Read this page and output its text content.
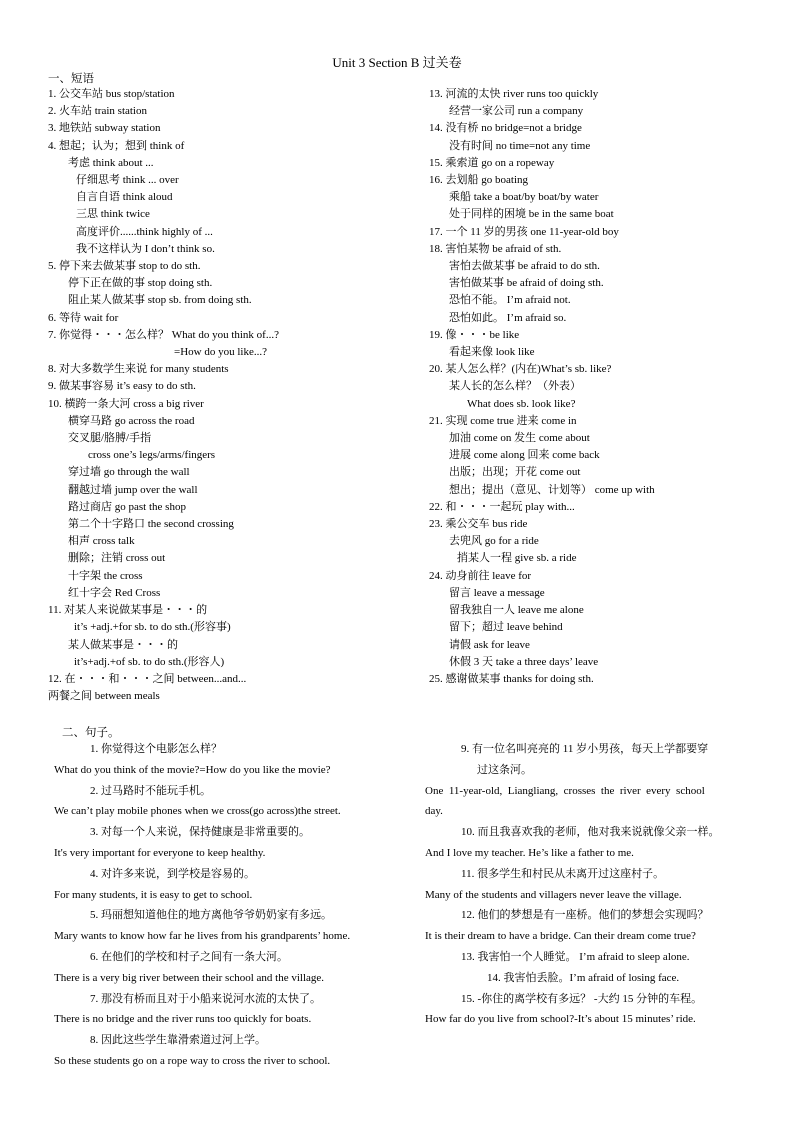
Unit 3 Section B 过关卷
一、短语
1. 公交车站 bus stop/station
2. 火车站 train station
3. 地铁站 subway station
4. 想起；认为；想到 think of
考虑 think about ...
仔细思考 think ... over
自言自语 think aloud
三思 think twice
高度评价......think highly of ...
我不这样认为 I don’t think so.
5. 停下来去做某事 stop to do sth.
停下正在做的事 stop doing sth.
阻止某人做某事 stop sb. from doing sth.
6. 等待 wait for
7. 你觉得・・・怎么样？ What do you think of...?
=How do you like...?
8. 对大多数学生来说 for many students
9. 做某事容易 it’s easy to do sth.
10. 横跨一条大河 cross a big river
横穿马路 go across the road
交叉腿/胳膊/手指
cross one’s legs/arms/fingers
穿过墙 go through the wall
翻越过墙 jump over the wall
路过商店 go past the shop
第二个十字路口 the second crossing
相声 cross talk
删除；注销 cross out
十字架 the cross
红十字会 Red Cross
11. 对某人来说做某事是・・・的
it’s +adj.+for sb. to do sth.(形容事)
某人做某事是・・・的
it’s+adj.+of sb. to do sth.(形容人)
12. 在・・・和・・・之间 between...and...
两餐之间 between meals
13. 河流的太快 river runs too quickly
经营一家公司 run a company
14. 没有桥 no bridge=not a bridge
没有时间 no time=not any time
15. 乘索道 go on a ropeway
16. 去划船 go boating
乘船 take a boat/by boat/by water
处于同样的困境 be in the same boat
17. 一个 11 岁的男孩 one 11-year-old boy
18. 害怕某物 be afraid of sth.
害怕去做某事 be afraid to do sth.
害怕做某事 be afraid of doing sth.
恐怕不能。 I’m afraid not.
恐怕如此。 I’m afraid so.
19. 像・・・be like
看起来像 look like
20. 某人怎么样？(内在)What’s sb. like?
某人长的怎么样？（外表）
What does sb. look like?
21. 实现 come true 进来 come in
加油 come on 发生 come about
进展 come along 回来 come back
出版；出现；开花 come out
想出；提出（意见、计划等） come up with
22. 和・・・一起玩 play with...
23. 乘公交车 bus ride
去兜风 go for a ride
捎某人一程 give sb. a ride
24. 动身前往 leave for
留言 leave a message
留我独自一人 leave me alone
留下；超过 leave behind
请假 ask for leave
休假 3 天 take a three days’ leave
25. 感谢做某事 thanks for doing sth.
二、句子。
1. 你觉得这个电影怎么样？
What do you think of the movie?=How do you like the movie?
2. 过马路时不能玩手机。
We can’t play mobile phones when we cross(go across)the street.
3. 对每一个人来说，保持健康是非常重要的。
It's very important for everyone to keep healthy.
4. 对许多来说，到学校是容易的。
For many students, it is easy to get to school.
5. 玛丽想知道他住的地方离他爷爷奶奶家有多远。
Mary wants to know how far he lives from his grandparents’ home.
6. 在他们的学校和村子之间有一条大河。
There is a very big river between their school and the village.
7. 那没有桥而且对于小船来说河水流的太快了。
There is no bridge and the river runs too quickly for boats.
8. 因此这些学生靠滑索道过河上学。
So these students go on a rope way to cross the river to school.
9. 有一位名叫亮亮的 11 岁小男孩，每天上学都要穿
过这条河。
One  11-year-old,  Liangliang,  crosses  the  river  every  school
day.
10. 而且我喜欢我的老师，他对我来说就像父亲一样。
And I love my teacher. He’s like a father to me.
11. 很多学生和村民从未离开过这座村子。
Many of the students and villagers never leave the village.
12. 他们的梦想是有一座桥。他们的梦想会实现吗？
It is their dream to have a bridge. Can their dream come true?
13. 我害怕一个人睡觉。 I’m afraid to sleep alone.
14. 我害怕丢脸。I’m afraid of losing face.
15. -你住的离学校有多远？ -大约 15 分钟的车程。
How far do you live from school?-It’s about 15 minutes’ ride.
